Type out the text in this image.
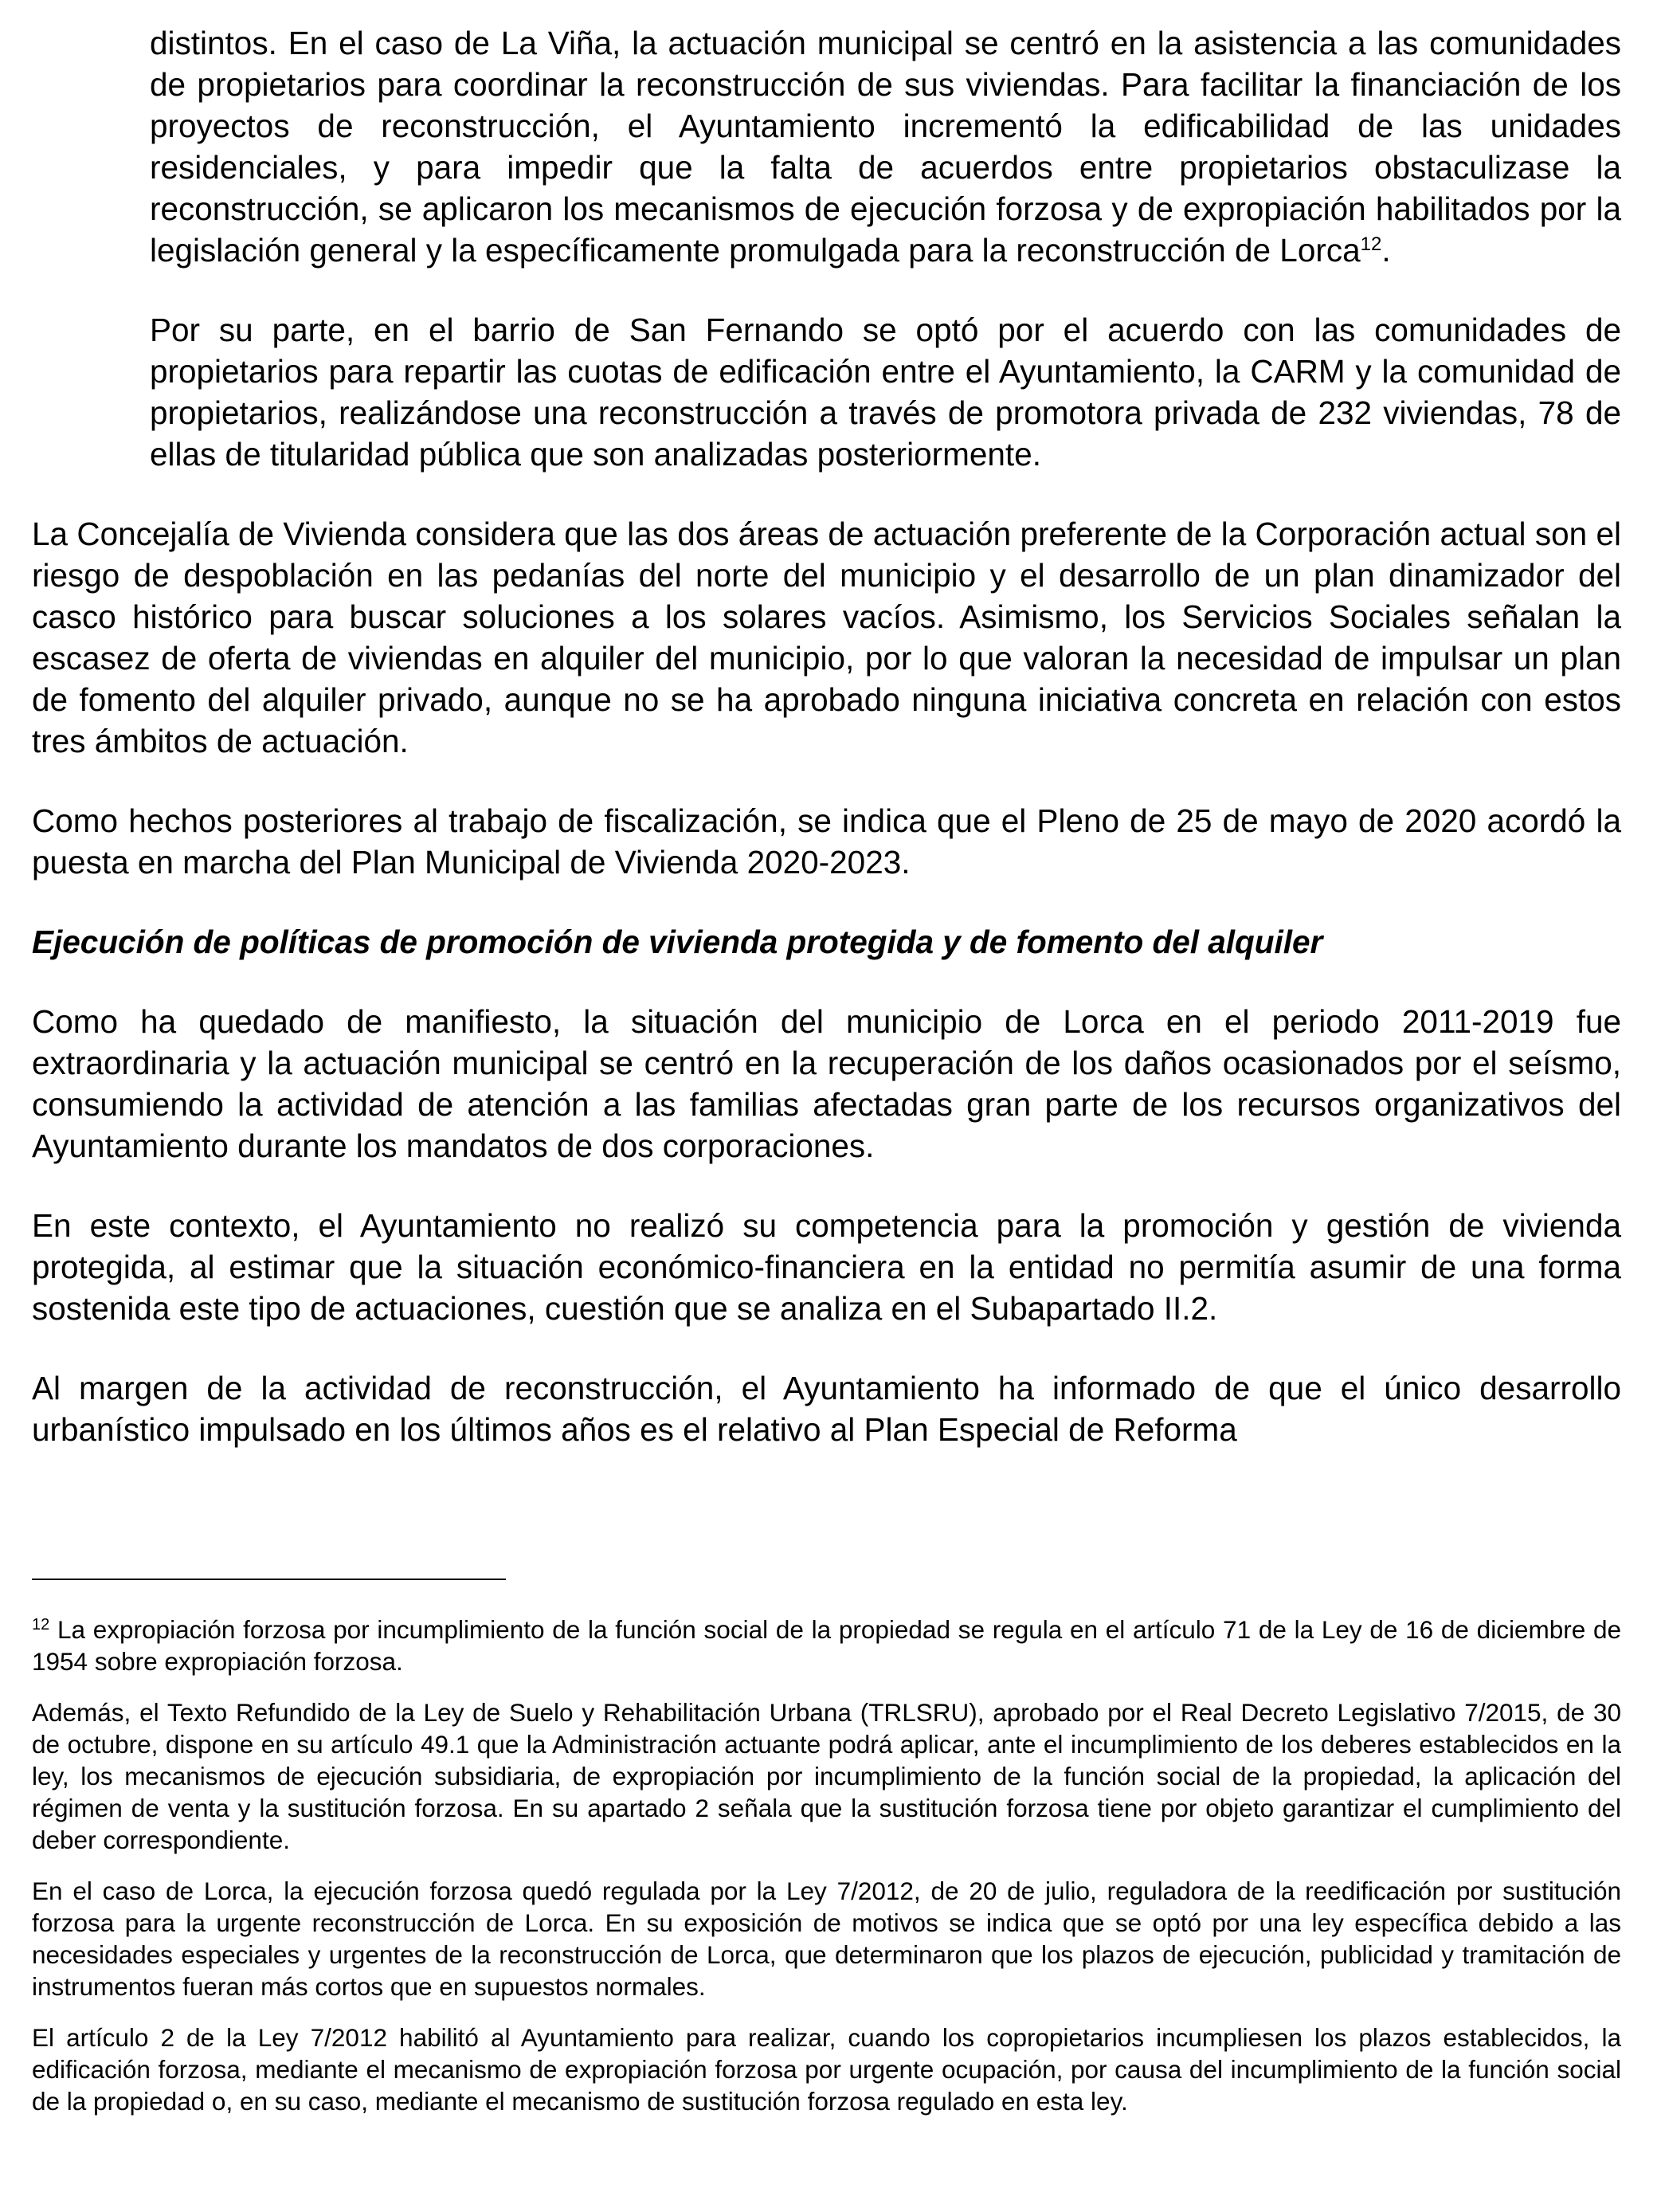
distintos. En el caso de La Viña, la actuación municipal se centró en la asistencia a las comunidades de propietarios para coordinar la reconstrucción de sus viviendas. Para facilitar la financiación de los proyectos de reconstrucción, el Ayuntamiento incrementó la edificabilidad de las unidades residenciales, y para impedir que la falta de acuerdos entre propietarios obstaculizase la reconstrucción, se aplicaron los mecanismos de ejecución forzosa y de expropiación habilitados por la legislación general y la específicamente promulgada para la reconstrucción de Lorca$^{12}$.

Por su parte, en el barrio de San Fernando se optó por el acuerdo con las comunidades de propietarios para repartir las cuotas de edificación entre el Ayuntamiento, la CARM y la comunidad de propietarios, realizándose una reconstrucción a través de promotora privada de 232 viviendas, 78 de ellas de titularidad pública que son analizadas posteriormente.

La Concejalía de Vivienda considera que las dos áreas de actuación preferente de la Corporación actual son el riesgo de despoblación en las pedanías del norte del municipio y el desarrollo de un plan dinamizador del casco histórico para buscar soluciones a los solares vacíos. Asimismo, los Servicios Sociales señalan la escasez de oferta de viviendas en alquiler del municipio, por lo que valoran la necesidad de impulsar un plan de fomento del alquiler privado, aunque no se ha aprobado ninguna iniciativa concreta en relación con estos tres ámbitos de actuación.

Como hechos posteriores al trabajo de fiscalización, se indica que el Pleno de 25 de mayo de 2020 acordó la puesta en marcha del Plan Municipal de Vivienda 2020-2023.

Ejecución de políticas de promoción de vivienda protegida y de fomento del alquiler

Como ha quedado de manifiesto, la situación del municipio de Lorca en el periodo 2011-2019 fue extraordinaria y la actuación municipal se centró en la recuperación de los daños ocasionados por el seísmo, consumiendo la actividad de atención a las familias afectadas gran parte de los recursos organizativos del Ayuntamiento durante los mandatos de dos corporaciones.

En este contexto, el Ayuntamiento no realizó su competencia para la promoción y gestión de vivienda protegida, al estimar que la situación económico-financiera en la entidad no permitía asumir de una forma sostenida este tipo de actuaciones, cuestión que se analiza en el Subapartado II.2.

Al margen de la actividad de reconstrucción, el Ayuntamiento ha informado de que el único desarrollo urbanístico impulsado en los últimos años es el relativo al Plan Especial de Reforma

$^{12}$ La expropiación forzosa por incumplimiento de la función social de la propiedad se regula en el artículo 71 de la Ley de 16 de diciembre de 1954 sobre expropiación forzosa.

Además, el Texto Refundido de la Ley de Suelo y Rehabilitación Urbana (TRLSRU), aprobado por el Real Decreto Legislativo 7/2015, de 30 de octubre, dispone en su artículo 49.1 que la Administración actuante podrá aplicar, ante el incumplimiento de los deberes establecidos en la ley, los mecanismos de ejecución subsidiaria, de expropiación por incumplimiento de la función social de la propiedad, la aplicación del régimen de venta y la sustitución forzosa. En su apartado 2 señala que la sustitución forzosa tiene por objeto garantizar el cumplimiento del deber correspondiente.

En el caso de Lorca, la ejecución forzosa quedó regulada por la Ley 7/2012, de 20 de julio, reguladora de la reedificación por sustitución forzosa para la urgente reconstrucción de Lorca. En su exposición de motivos se indica que se optó por una ley específica debido a las necesidades especiales y urgentes de la reconstrucción de Lorca, que determinaron que los plazos de ejecución, publicidad y tramitación de instrumentos fueran más cortos que en supuestos normales.

El artículo 2 de la Ley 7/2012 habilitó al Ayuntamiento para realizar, cuando los copropietarios incumpliesen los plazos establecidos, la edificación forzosa, mediante el mecanismo de expropiación forzosa por urgente ocupación, por causa del incumplimiento de la función social de la propiedad o, en su caso, mediante el mecanismo de sustitución forzosa regulado en esta ley.
